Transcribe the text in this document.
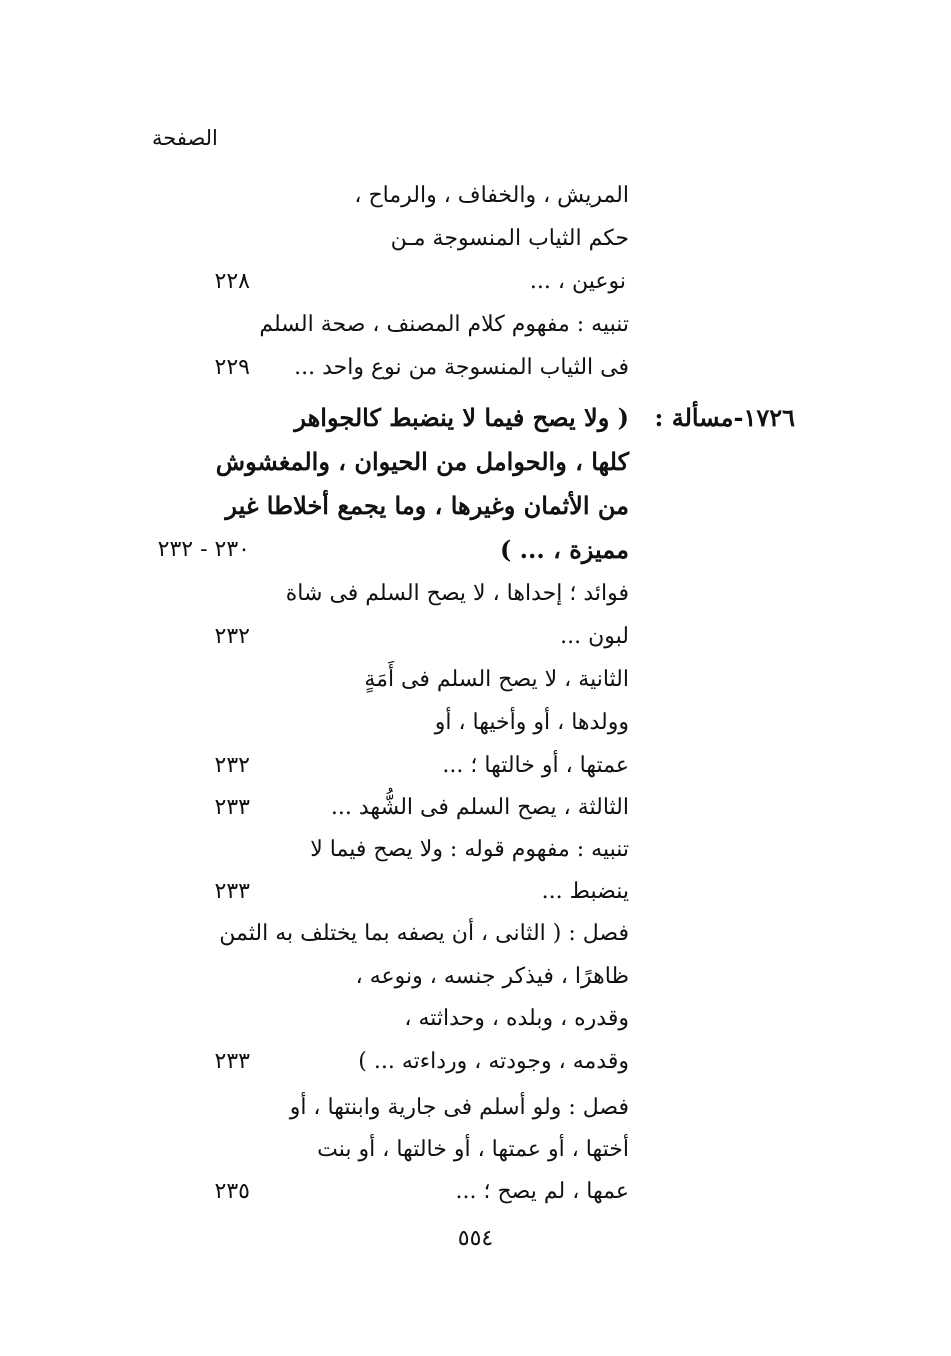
الصفحة
المريش ، والخفاف ، والرماح ،
حكم الثياب المنسوجة مـن
نوعين ، ...
٢٢٨
تنبيه : مفهوم كلام المصنف ، صحة السلم
فى الثياب المنسوجة من نوع واحد ...
٢٢٩
١٧٢٦-مسألة :
( ولا يصح فيما لا ينضبط كالجواهر
كلها ، والحوامل من الحيوان ، والمغشوش
من الأثمان وغيرها ، وما يجمع أخلاطا غير
مميزة ، ... )
٢٣٠ - ٢٣٢
فوائد ؛ إحداها ، لا يصح السلم فى شاة
لبون ...
٢٣٢
الثانية ، لا يصح السلم فى أَمَةٍ
وولدها ، أو وأخيها ، أو
عمتها ، أو خالتها ؛ ...
٢٣٢
الثالثة ، يصح السلم فى الشُّهد ...
٢٣٣
تنبيه : مفهوم قوله : ولا يصح فيما لا
ينضبط ...
٢٣٣
فصل : ( الثانى ، أن يصفه بما يختلف به الثمن
ظاهرًا ، فيذكر جنسه ، ونوعه ،
وقدره ، وبلده ، وحداثته ،
وقدمه ، وجودته ، ورداءته ... )
٢٣٣
فصل : ولو أسلم فى جارية وابنتها ، أو
أختها ، أو عمتها ، أو خالتها ، أو بنت
عمها ، لم يصح ؛ ...
٢٣٥
٥٥٤
